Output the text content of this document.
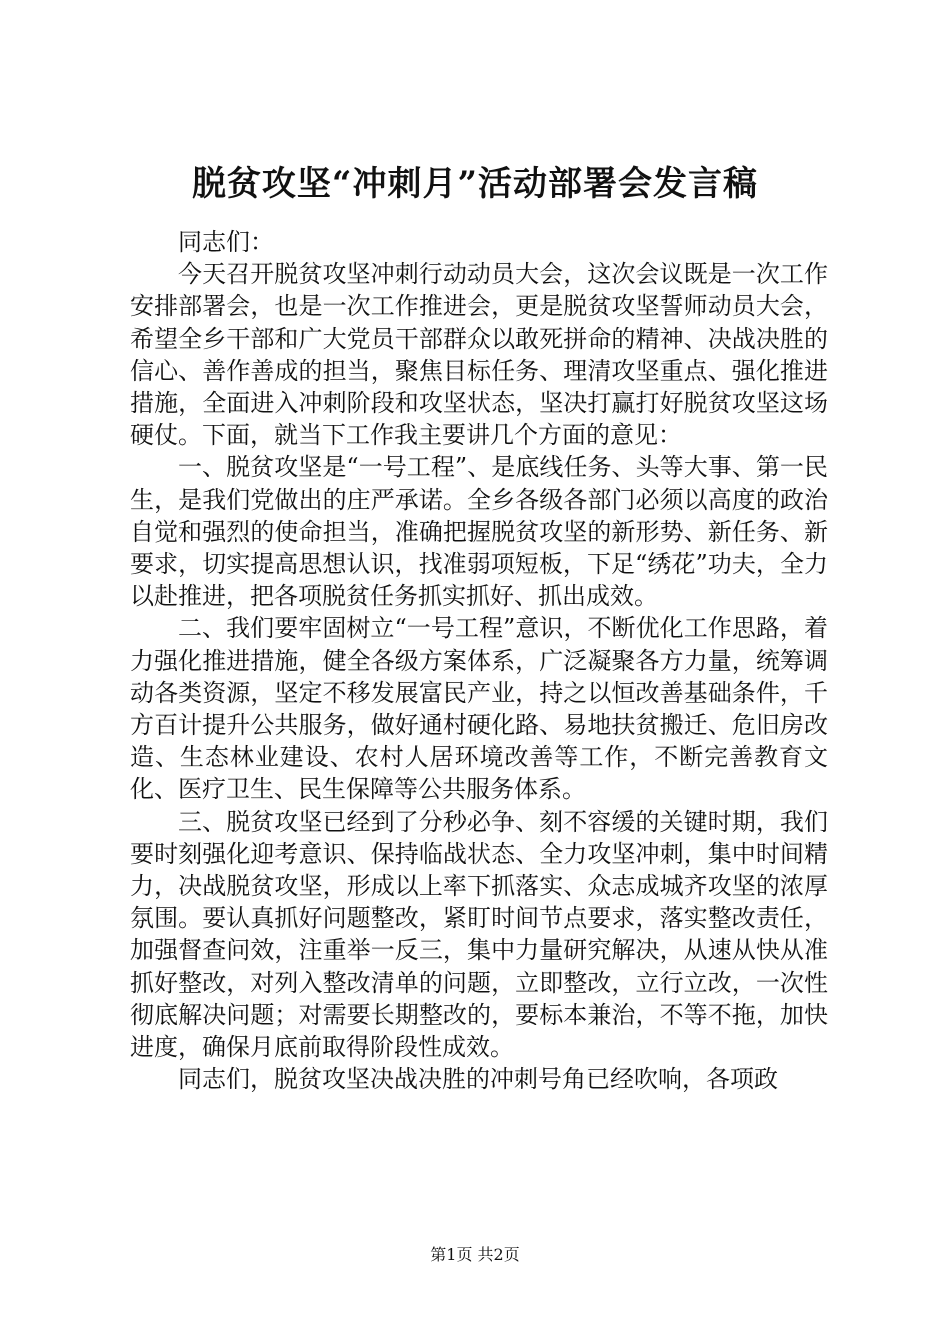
脱贫攻坚“冲刺月”活动部署会发言稿

同志们：

今天召开脱贫攻坚冲刺行动动员大会，这次会议既是一次工作安排部署会，也是一次工作推进会，更是脱贫攻坚誓师动员大会，希望全乡干部和广大党员干部群众以敢死拼命的精神、决战决胜的信心、善作善成的担当，聚焦目标任务、理清攻坚重点、强化推进措施，全面进入冲刺阶段和攻坚状态，坚决打赢打好脱贫攻坚这场硬仗。下面，就当下工作我主要讲几个方面的意见：

一、脱贫攻坚是“一号工程”、是底线任务、头等大事、第一民生，是我们党做出的庄严承诺。全乡各级各部门必须以高度的政治自觉和强烈的使命担当，准确把握脱贫攻坚的新形势、新任务、新要求，切实提高思想认识，找准弱项短板，下足“绣花”功夫，全力以赴推进，把各项脱贫任务抓实抓好、抓出成效。

二、我们要牢固树立“一号工程”意识，不断优化工作思路，着力强化推进措施，健全各级方案体系，广泛凝聚各方力量，统筹调动各类资源，坚定不移发展富民产业，持之以恒改善基础条件，千方百计提升公共服务，做好通村硬化路、易地扶贫搬迁、危旧房改造、生态林业建设、农村人居环境改善等工作，不断完善教育文化、医疗卫生、民生保障等公共服务体系。

三、脱贫攻坚已经到了分秒必争、刻不容缓的关键时期，我们要时刻强化迎考意识、保持临战状态、全力攻坚冲刺，集中时间精力，决战脱贫攻坚，形成以上率下抓落实、众志成城齐攻坚的浓厚氛围。要认真抓好问题整改，紧盯时间节点要求，落实整改责任，加强督查问效，注重举一反三，集中力量研究解决，从速从快从准抓好整改，对列入整改清单的问题，立即整改，立行立改，一次性彻底解决问题；对需要长期整改的，要标本兼治，不等不拖，加快进度，确保月底前取得阶段性成效。

同志们，脱贫攻坚决战决胜的冲刺号角已经吹响，各项政

第1页 共2页
